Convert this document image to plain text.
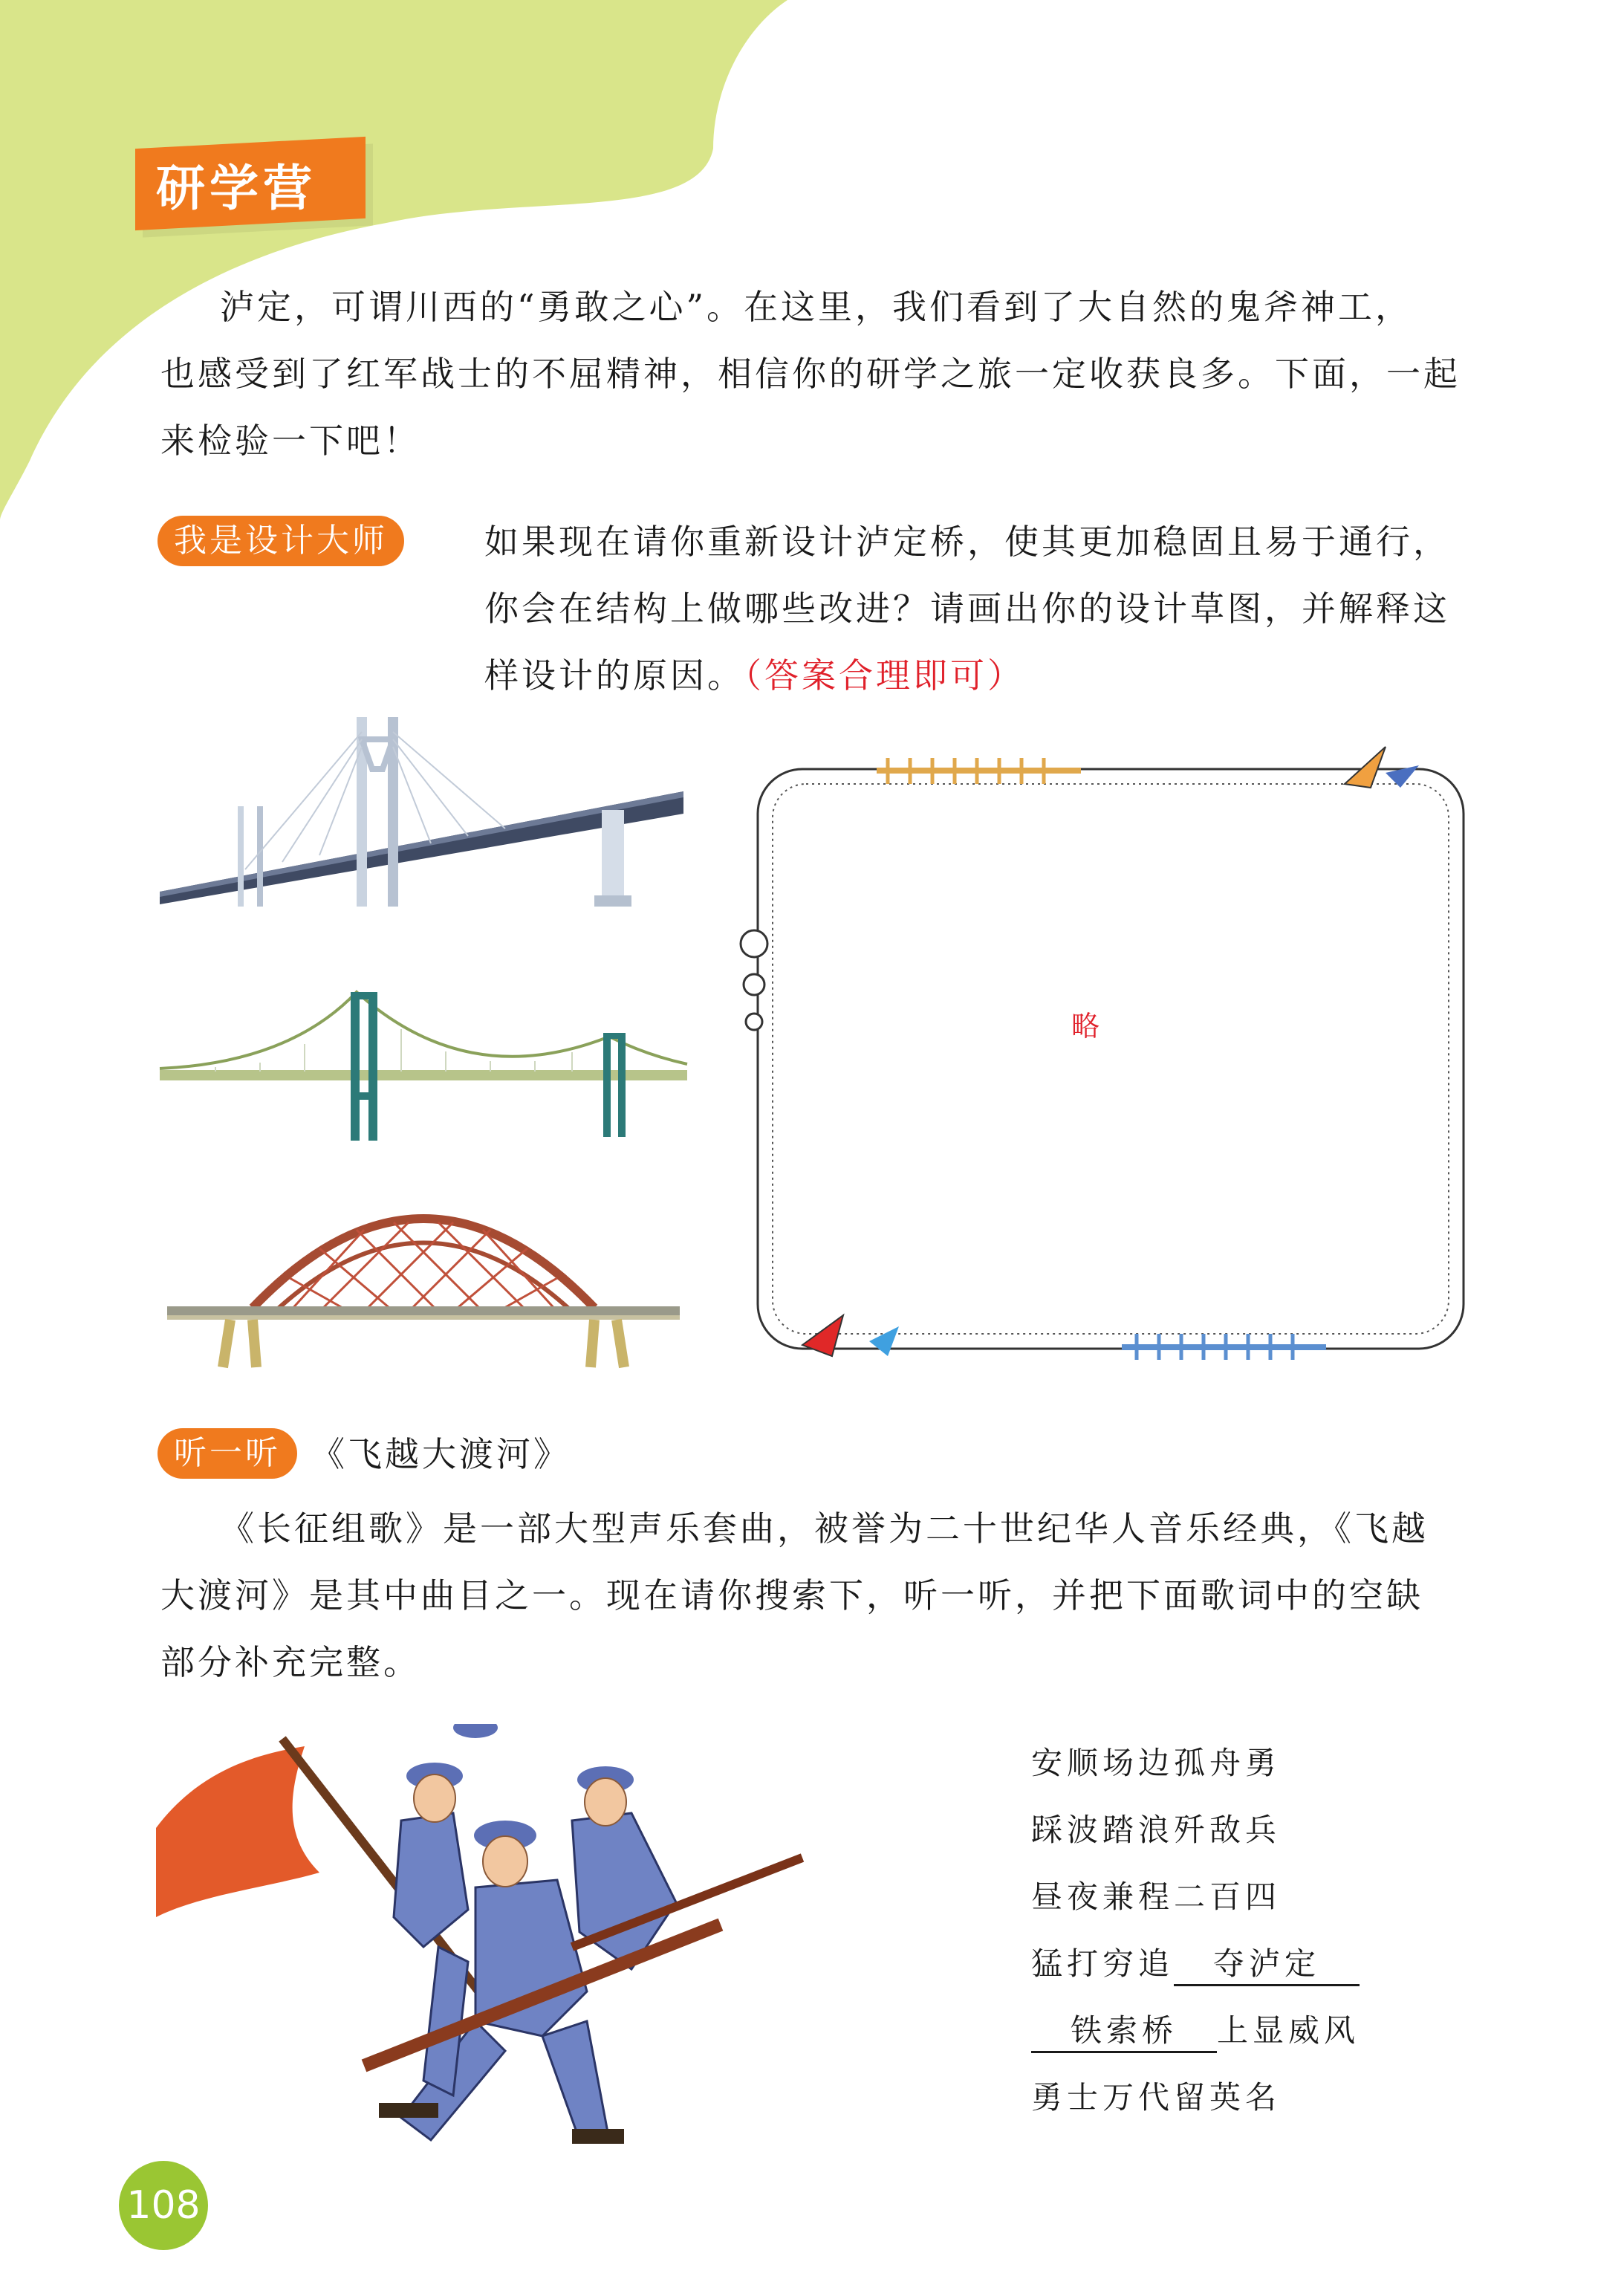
研学营
泸定，可谓川西的“勇敢之心”。在这里，我们看到了大自然的鬼斧神工，
也感受到了红军战士的不屈精神，相信你的研学之旅一定收获良多。下面，一起
来检验一下吧！
我是设计大师	如果现在请你重新设计泸定桥，使其更加稳固且易于通行，
你会在结构上做哪些改进？请画出你的设计草图，并解释这
样设计的原因。（答案合理即可）
略
听一听 《飞越大渡河》
《长征组歌》是一部大型声乐套曲，被誉为二十世纪华人音乐经典，《飞越
大渡河》是其中曲目之一。现在请你搜索下，听一听，并把下面歌词中的空缺
部分补充完整。
安顺场边孤舟勇
踩波踏浪歼敌兵
昼夜兼程二百四
猛打穷追 夺泸定
铁索桥 上显威风
勇士万代留英名
108
